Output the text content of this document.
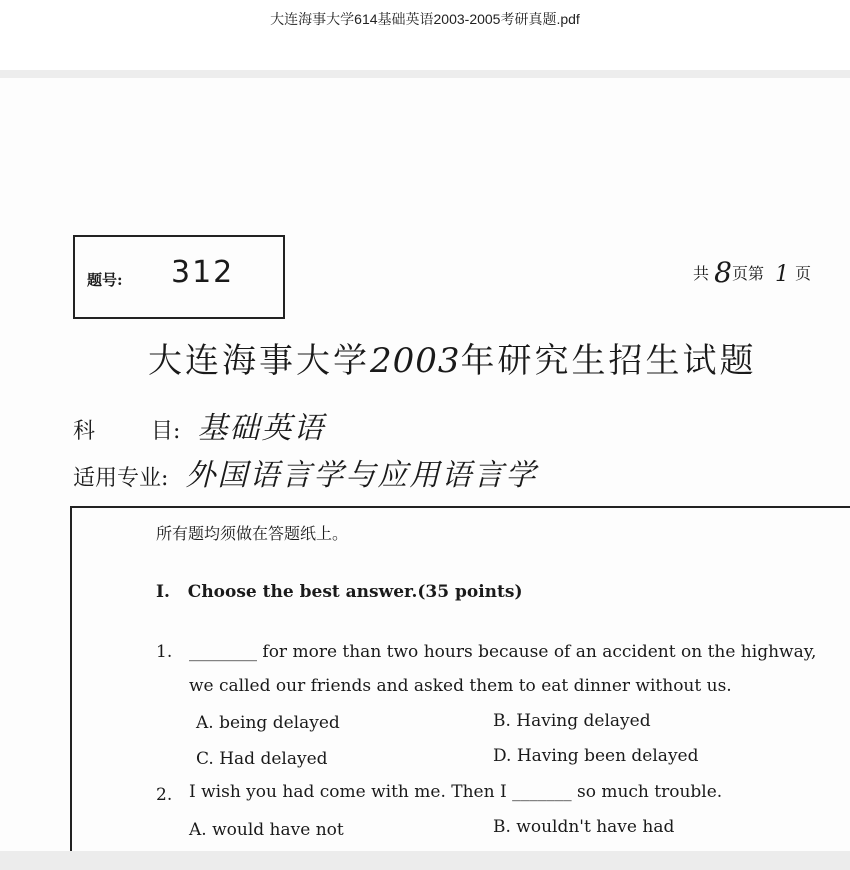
大连海事大学614基础英语2003-2005考研真题.pdf
题号: 312	共 8页第 1 页
大连海事大学2003年研究生招生试题
科	目: 基础英语
适用专业: 外国语言学与应用语言学
所有题均须做在答题纸上。
I. Choose the best answer.(35 points)
1. ________ for more than two hours because of an accident on the highway,
we called our friends and asked them to eat dinner without us.
A. being delayed	B. Having delayed
C. Had delayed	D. Having been delayed
2. I wish you had come with me. Then I _______ so much trouble.
A. would have not	B. wouldn't have had
